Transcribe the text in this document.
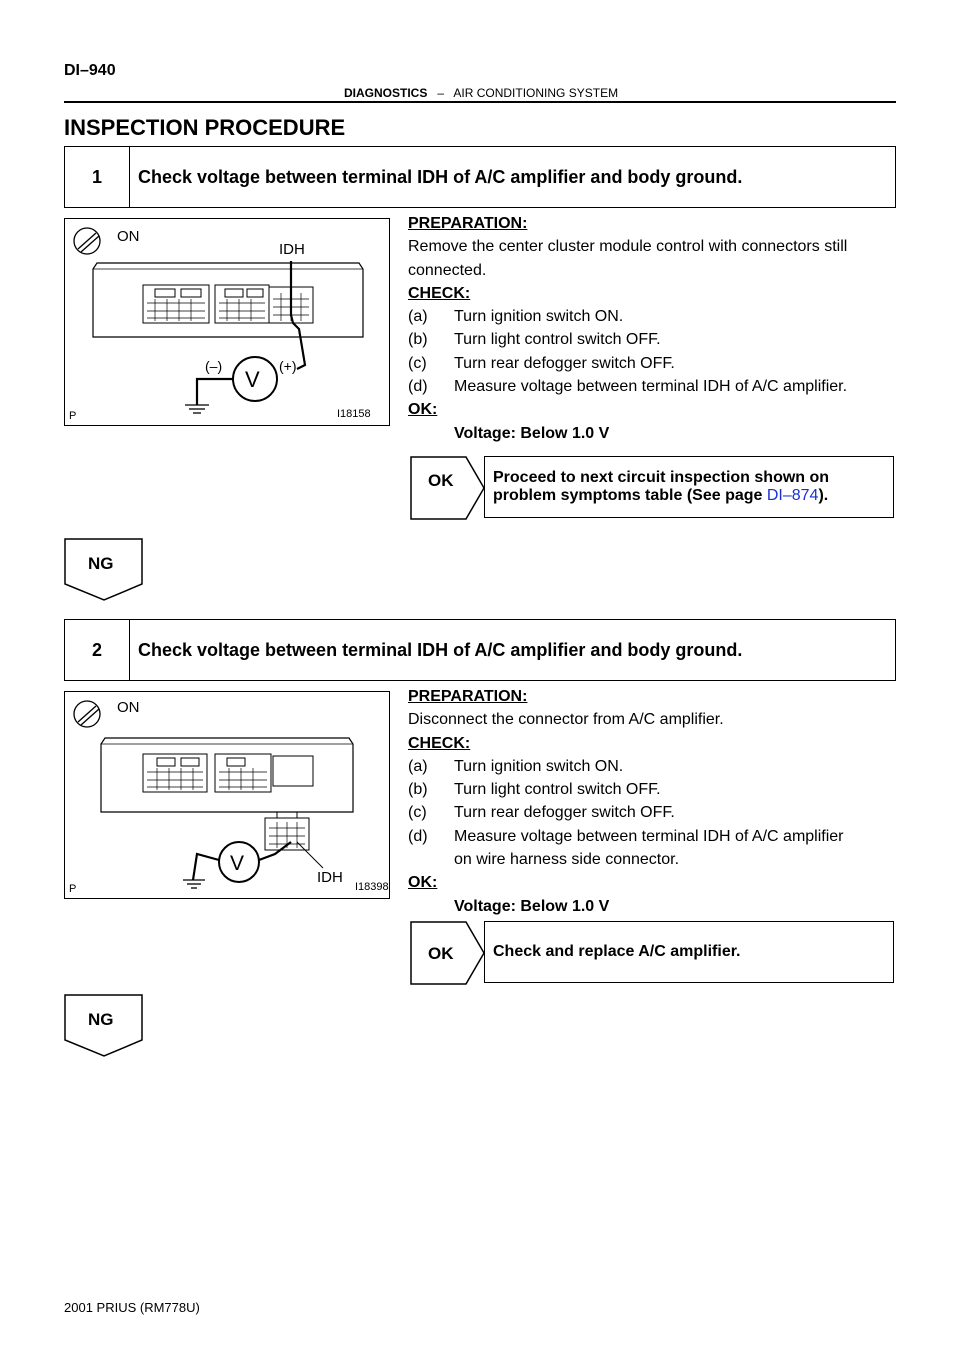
DI–940
DIAGNOSTICS – AIR CONDITIONING SYSTEM
INSPECTION PROCEDURE
1	Check voltage between terminal IDH of A/C amplifier and body ground.
ON
IDH
V
(–)	(+)
P	I18158
PREPARATION:
Remove the center cluster module control with connectors still
connected.
CHECK:
(a) Turn ignition switch ON.
(b) Turn light control switch OFF.
(c) Turn rear defogger switch OFF.
(d) Measure voltage between terminal IDH of A/C amplifier.
OK:
Voltage: Below 1.0 V
OK Proceed to next circuit inspection shown on
problem symptoms table (See page DI–874).
NG
2	Check voltage between terminal IDH of A/C amplifier and body ground.
ON
IDH
V
P	I18398
PREPARATION:
Disconnect the connector from A/C amplifier.
CHECK:
(a) Turn ignition switch ON.
(b) Turn light control switch OFF.
(c) Turn rear defogger switch OFF.
(d) Measure voltage between terminal IDH of A/C amplifier
on wire harness side connector.
OK:
Voltage: Below 1.0 V
OK	Check and replace A/C amplifier.
NG
2001 PRIUS (RM778U)
